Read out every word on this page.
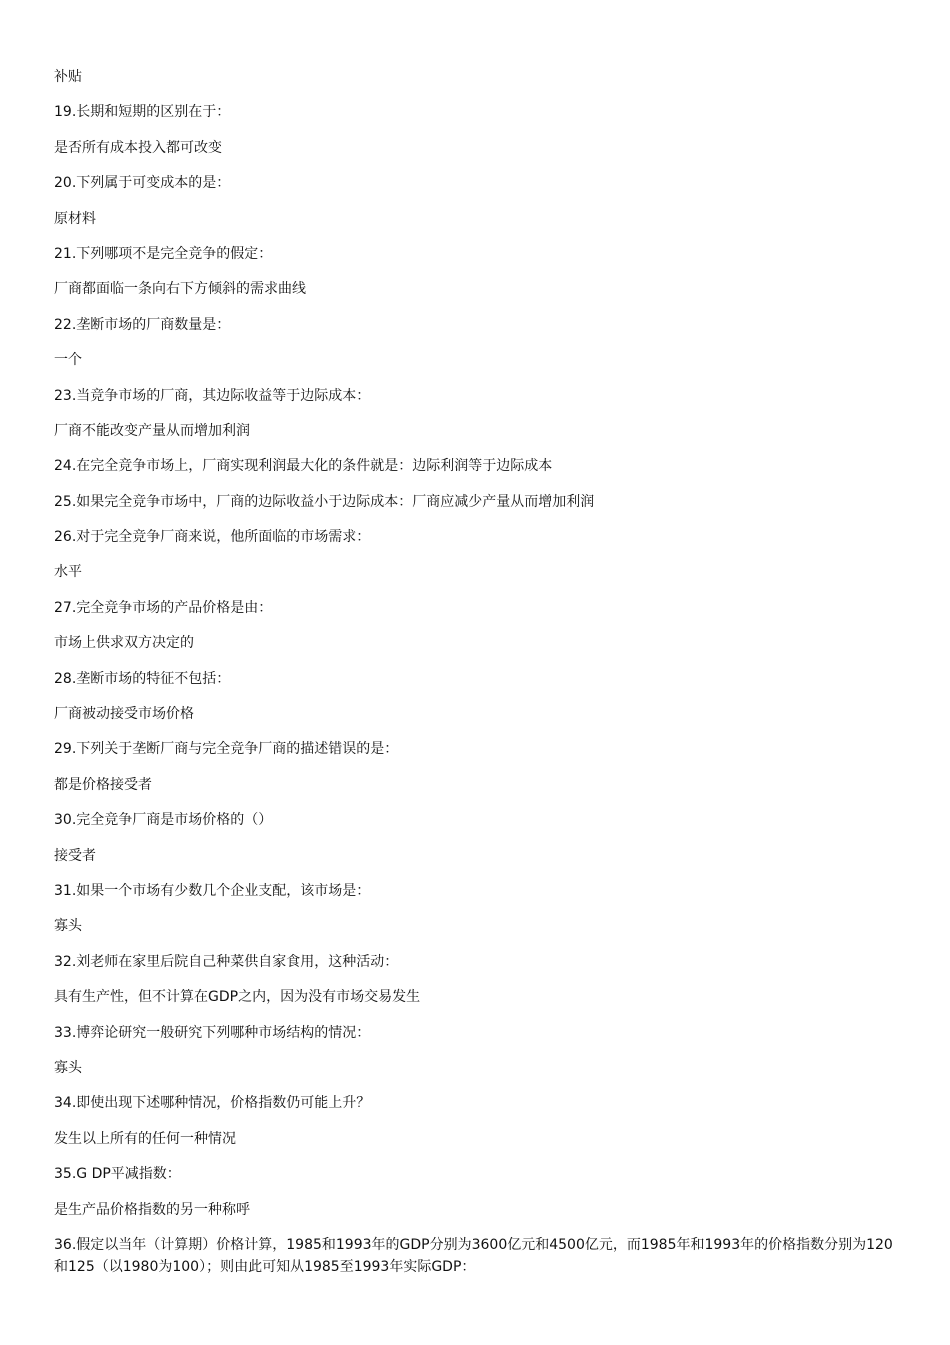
补贴
19.长期和短期的区别在于：
是否所有成本投入都可改变
20.下列属于可变成本的是：
原材料
21.下列哪项不是完全竞争的假定：
厂商都面临一条向右下方倾斜的需求曲线
22.垄断市场的厂商数量是：
一个
23.当竞争市场的厂商，其边际收益等于边际成本：
厂商不能改变产量从而增加利润
24.在完全竞争市场上，厂商实现利润最大化的条件就是：边际利润等于边际成本
25.如果完全竞争市场中，厂商的边际收益小于边际成本：厂商应减少产量从而增加利润
26.对于完全竞争厂商来说，他所面临的市场需求：
水平
27.完全竞争市场的产品价格是由：
市场上供求双方决定的
28.垄断市场的特征不包括：
厂商被动接受市场价格
29.下列关于垄断厂商与完全竞争厂商的描述错误的是：
都是价格接受者
30.完全竞争厂商是市场价格的（）
接受者
31.如果一个市场有少数几个企业支配，该市场是：
寡头
32.刘老师在家里后院自己种菜供自家食用，这种活动：
具有生产性，但不计算在GDP之内，因为没有市场交易发生
33.博弈论研究一般研究下列哪种市场结构的情况：
寡头
34.即使出现下述哪种情况，价格指数仍可能上升？
发生以上所有的任何一种情况
35.G DP平减指数：
是生产品价格指数的另一种称呼
36.假定以当年（计算期）价格计算，1985和1993年的GDP分别为3600亿元和4500亿元，而1985年和1993年的价格指数分别为120和125（以1980为100）；则由此可知从1985至1993年实际GDP：
